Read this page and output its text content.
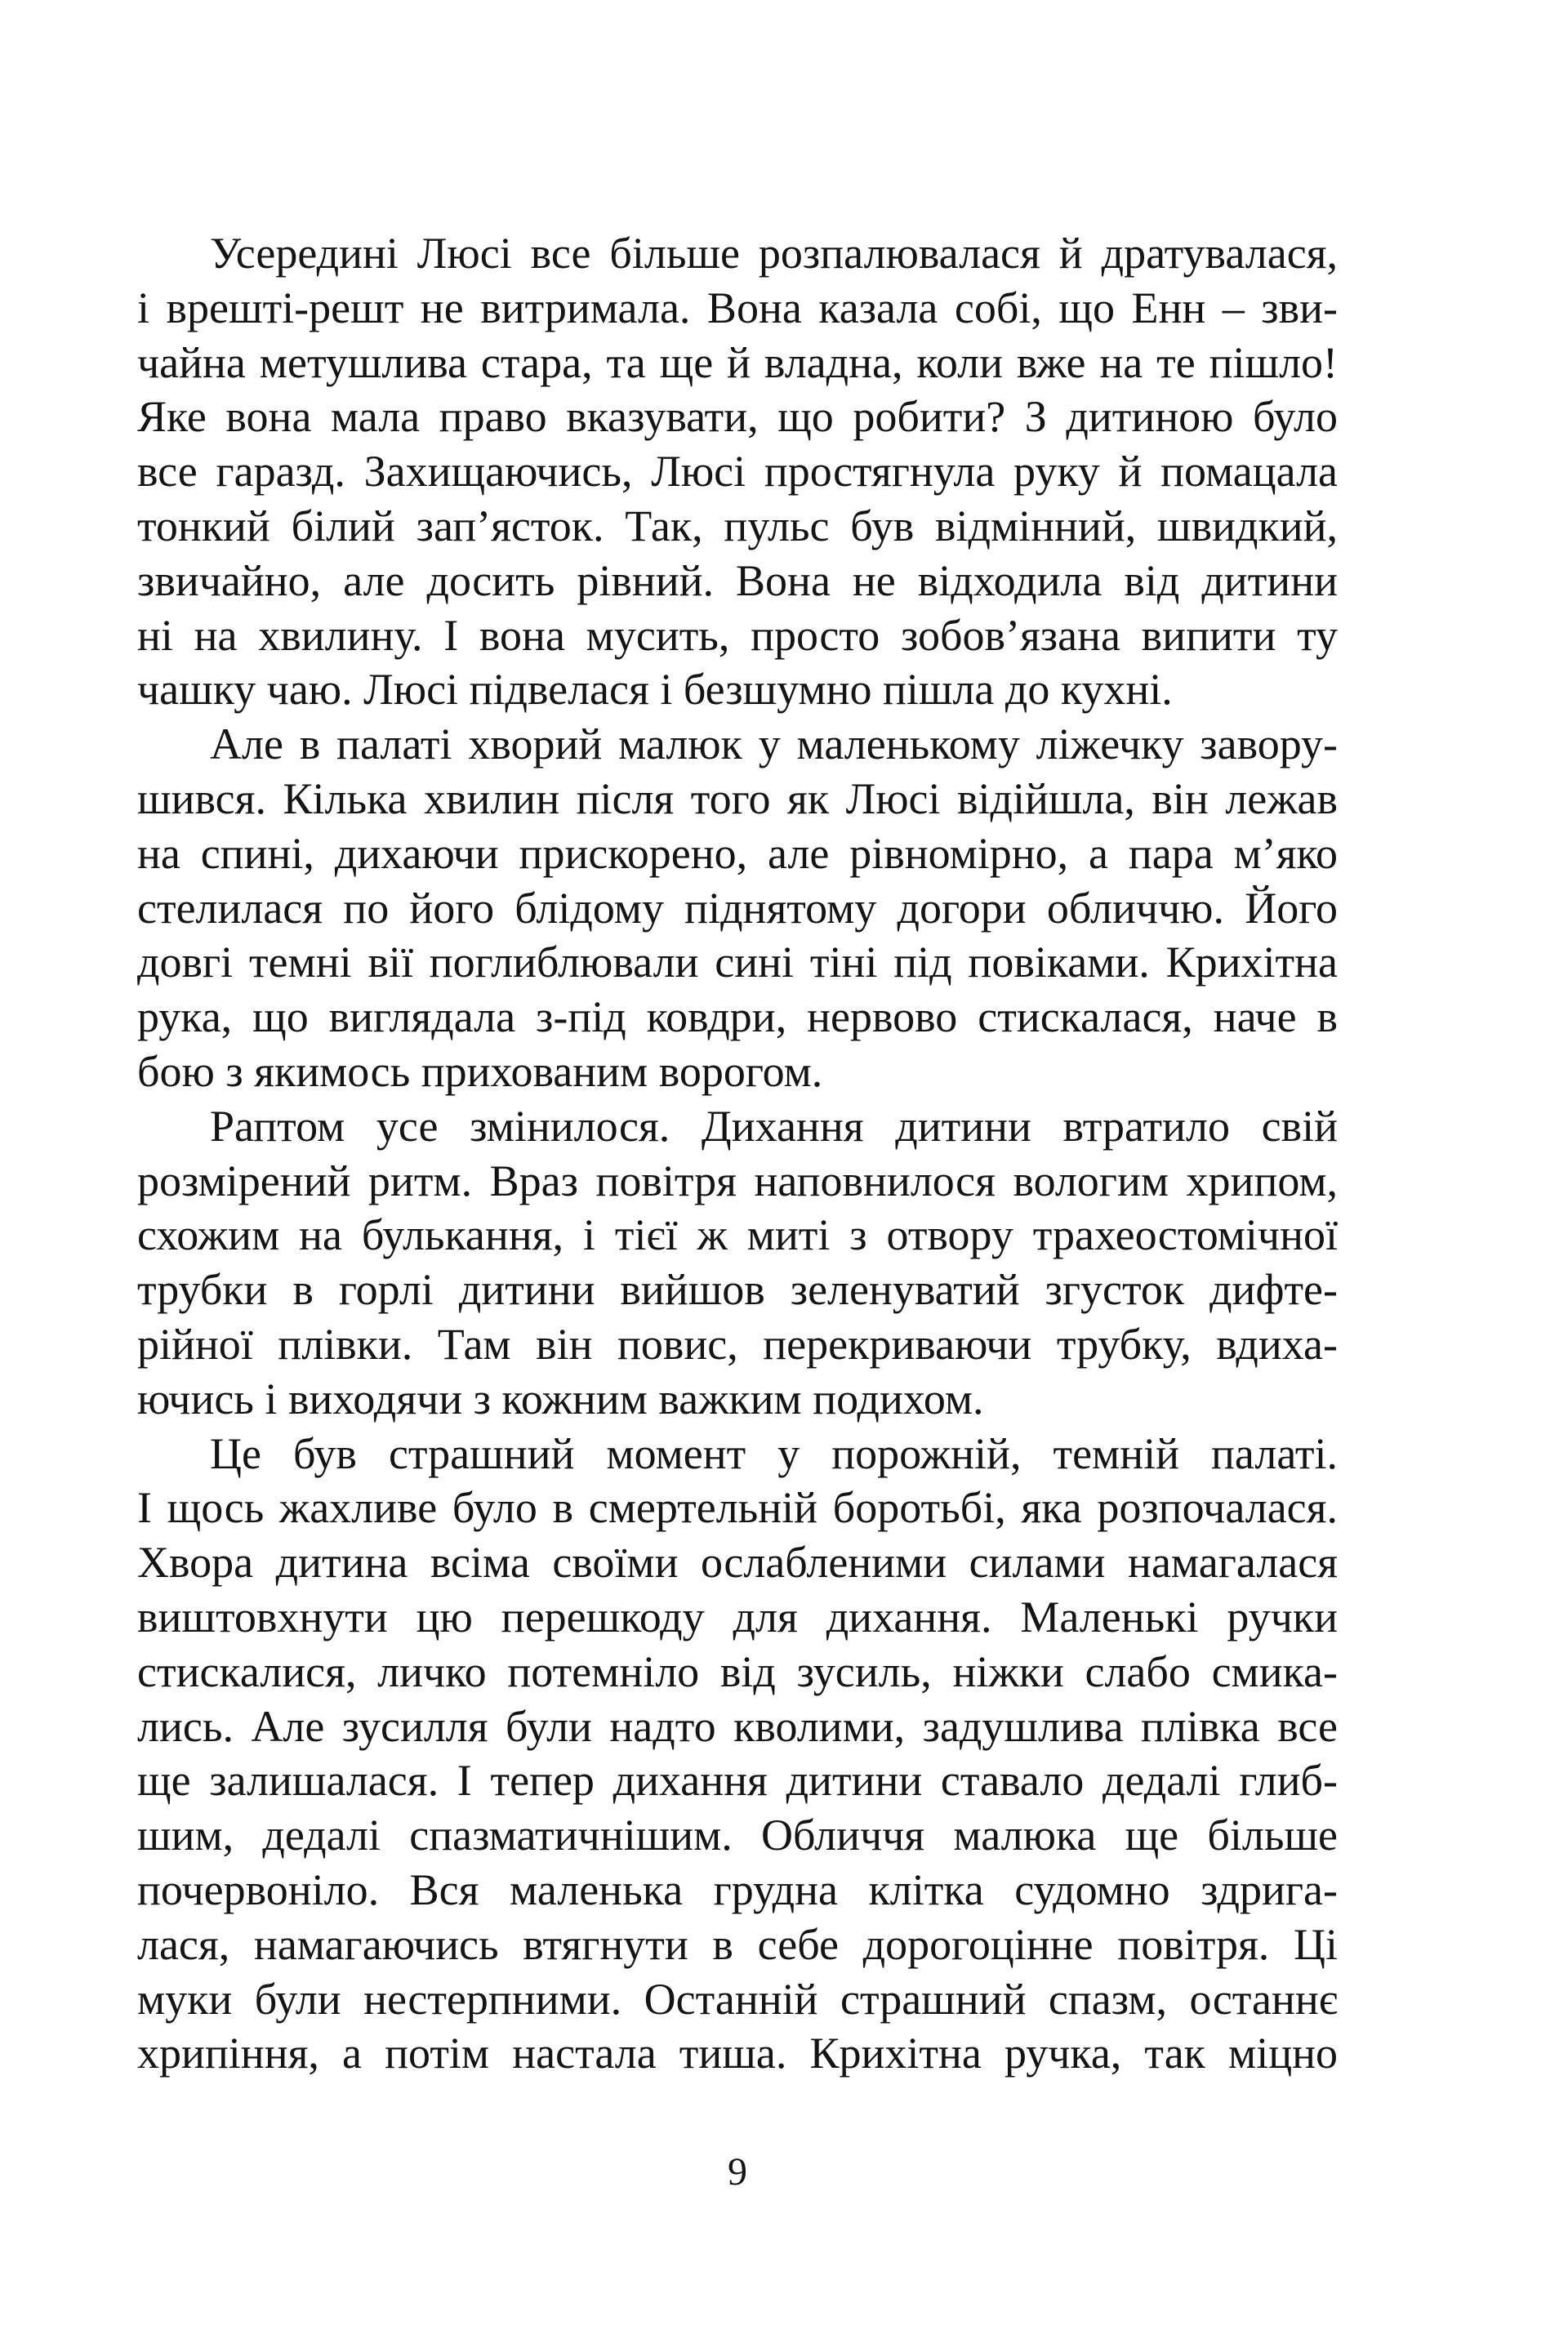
Усередині Люсі все більше розпалювалася й дратувалася,
і врешті-решт не витримала. Вона казала собі, що Енн – зви-
чайна метушлива стара, та ще й владна, коли вже на те пішло!
Яке вона мала право вказувати, що робити? З дитиною було
все гаразд. Захищаючись, Люсі простягнула руку й помацала
тонкий білий зап’ясток. Так, пульс був відмінний, швидкий,
звичайно, але досить рівний. Вона не відходила від дитини
ні на хвилину. І вона мусить, просто зобов’язана випити ту
чашку чаю. Люсі підвелася і безшумно пішла до кухні.
Але в палаті хворий малюк у маленькому ліжечку завору-
шився. Кілька хвилин після того як Люсі відійшла, він лежав
на спині, дихаючи прискорено, але рівномірно, а пара м’яко
стелилася по його блідому піднятому догори обличчю. Його
довгі темні вії поглиблювали сині тіні під повіками. Крихітна
рука, що виглядала з-під ковдри, нервово стискалася, наче в
бою з якимось прихованим ворогом.
Раптом усе змінилося. Дихання дитини втратило свій
розмірений ритм. Враз повітря наповнилося вологим хрипом,
схожим на булькання, і тієї ж миті з отвору трахеостомічної
трубки в горлі дитини вийшов зеленуватий згусток дифте-
рійної плівки. Там він повис, перекриваючи трубку, вдиха-
ючись і виходячи з кожним важким подихом.
Це був страшний момент у порожній, темній палаті.
І щось жахливе було в смертельній боротьбі, яка розпочалася.
Хвора дитина всіма своїми ослабленими силами намагалася
виштовхнути цю перешкоду для дихання. Маленькі ручки
стискалися, личко потемніло від зусиль, ніжки слабо смика-
лись. Але зусилля були надто кволими, задушлива плівка все
ще залишалася. І тепер дихання дитини ставало дедалі глиб-
шим, дедалі спазматичнішим. Обличчя малюка ще більше
почервоніло. Вся маленька грудна клітка судомно здрига-
лася, намагаючись втягнути в себе дорогоцінне повітря. Ці
муки були нестерпними. Останній страшний спазм, останнє
хрипіння, а потім настала тиша. Крихітна ручка, так міцно
9
